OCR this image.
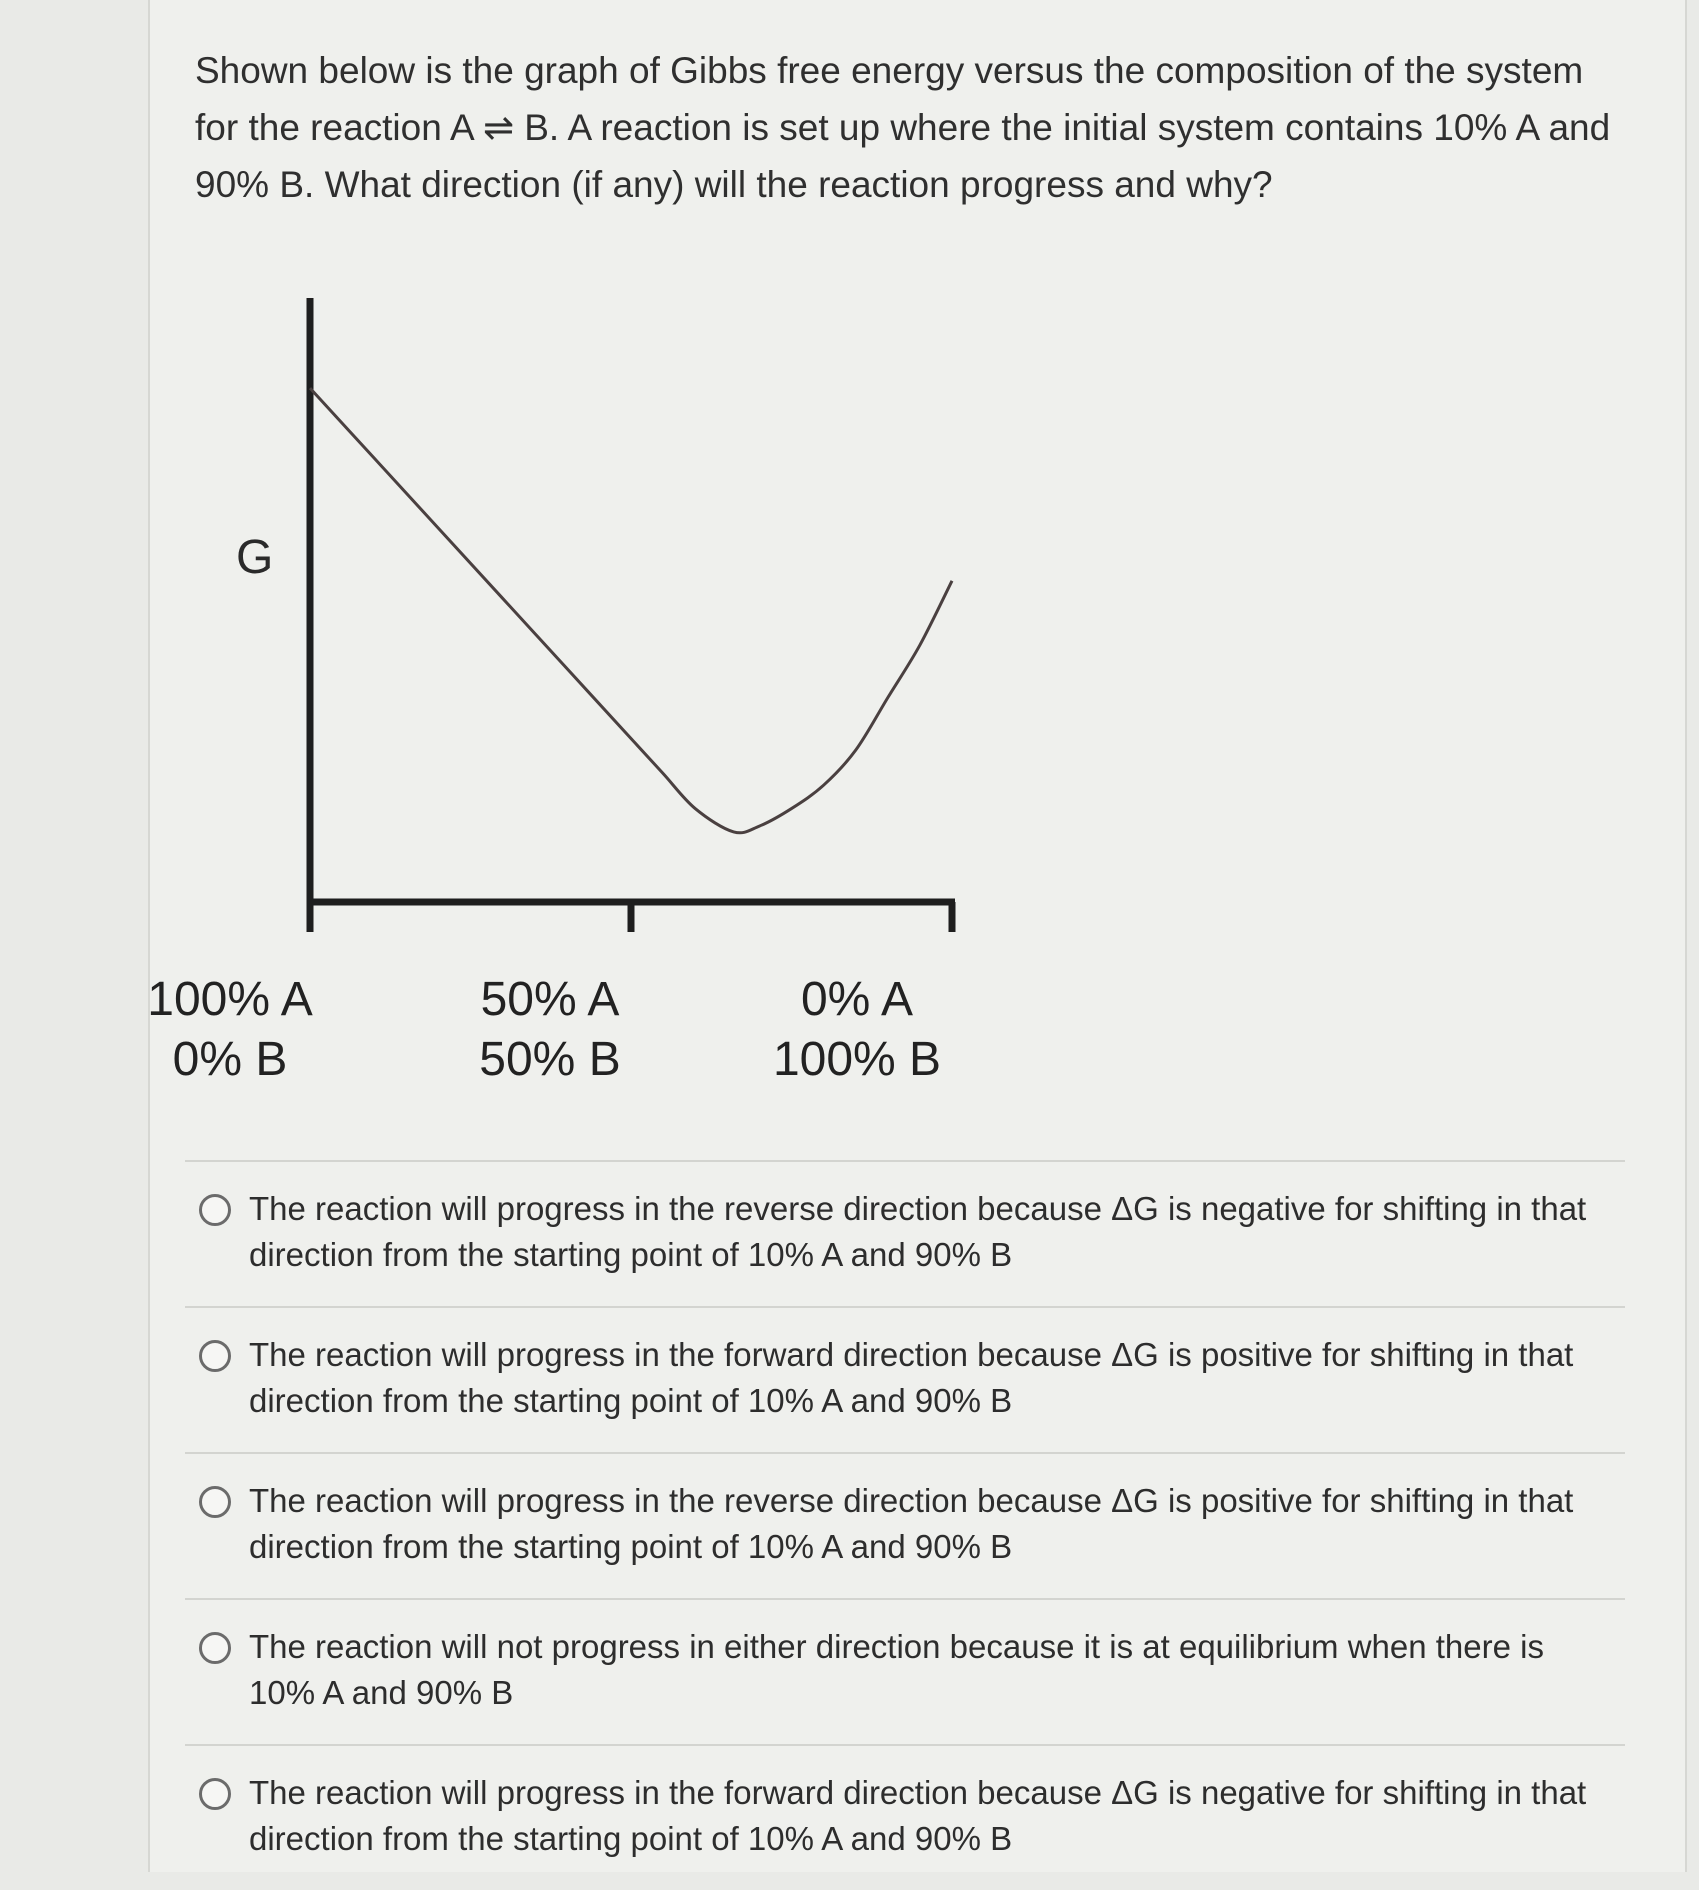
Shown below is the graph of Gibbs free energy versus the composition of the system for the reaction A ⇌ B. A reaction is set up where the initial system contains 10% A and 90% B. What direction (if any) will the reaction progress and why?

G
100% A
0% B
50% A
50% B
0% A
100% B
The reaction will progress in the reverse direction because ΔG is negative for shifting in that direction from the starting point of 10% A and 90% B
The reaction will progress in the forward direction because ΔG is positive for shifting in that direction from the starting point of 10% A and 90% B
The reaction will progress in the reverse direction because ΔG is positive for shifting in that direction from the starting point of 10% A and 90% B
The reaction will not progress in either direction because it is at equilibrium when there is 10% A and 90% B
The reaction will progress in the forward direction because ΔG is negative for shifting in that direction from the starting point of 10% A and 90% B
